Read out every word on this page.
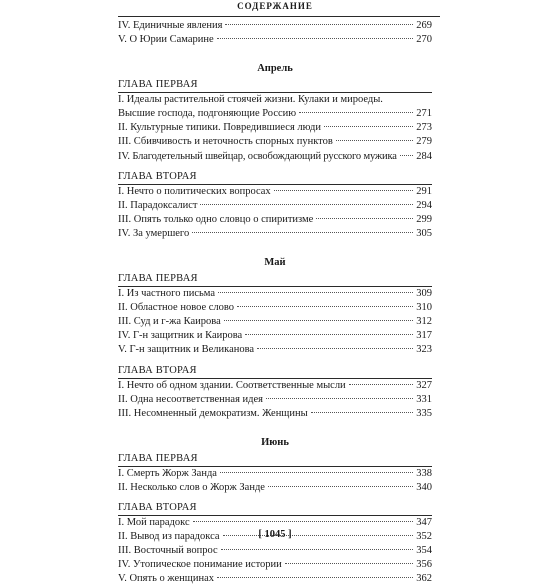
СОДЕРЖАНИЕ
IV. Единичные явления	269
V. О Юрии Самарине	270
Апрель
ГЛАВА ПЕРВАЯ
I. Идеалы растительной стоячей жизни. Кулаки и мироеды.
Высшие господа, подгоняющие Россию	271
II. Культурные типики. Повредившиеся люди	273
III. Сбивчивость и неточность спорных пунктов	279
IV. Благодетельный швейцар, освобождающий русского мужика 284
ГЛАВА ВТОРАЯ
I. Нечто о политических вопросах	291
II. Парадоксалист	294
III. Опять только одно словцо о спиритизме	299
IV. За умершего	305
Май
ГЛАВА ПЕРВАЯ
I. Из частного письма	309
II. Областное новое слово	310
III. Суд и г-жа Каирова	312
IV. Г-н защитник и Каирова	317
V. Г-н защитник и Великанова	323
ГЛАВА ВТОРАЯ
I. Нечто об одном здании. Соответственные мысли	327
II. Одна несоответственная идея	331
III. Несомненный демократизм. Женщины	335
Июнь
ГЛАВА ПЕРВАЯ
I. Смерть Жорж Занда	338
II. Несколько слов о Жорж Занде	340
ГЛАВА ВТОРАЯ
I. Мой парадокс	347
II. Вывод из парадокса	352
III. Восточный вопрос	354
IV. Утопическое понимание истории	356
V. Опять о женщинах	362
[ 1045 ]
